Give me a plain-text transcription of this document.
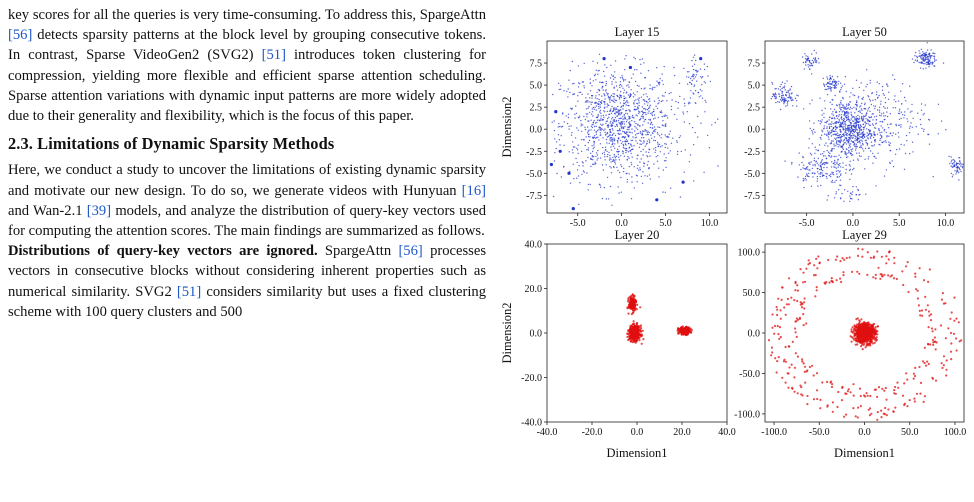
key scores for all the queries is very time-consuming. To address this, SpargeAttn [56] detects sparsity patterns at the block level by grouping consecutive tokens. In contrast, Sparse VideoGen2 (SVG2) [51] introduces token clustering for compression, yielding more flexible and efficient sparse attention scheduling. Sparse attention variations with dynamic input patterns are more widely adopted due to their generality and flexibility, which is the focus of this paper.

2.3. Limitations of Dynamic Sparsity Methods

Here, we conduct a study to uncover the limitations of existing dynamic sparsity and motivate our new design. To do so, we generate videos with Hunyuan [16] and Wan-2.1 [39] models, and analyze the distribution of query-key vectors used for computing the attention scores. The main findings are summarized as follows.

Distributions of query-key vectors are ignored. SpargeAttn [56] processes vectors in consecutive blocks without considering inherent properties such as numerical similarity. SVG2 [51] considers similarity but uses a fixed clustering scheme with 100 query clusters and 500

Layer 15
-5.0	0.0	5.0	10.0
7.5
5.0
2.5
0.0
-2.5
-5.0
-7.5
Dimension2
Layer 50
-5.0	0.0	5.0	10.0
7.5
5.0
2.5
0.0
-2.5
-5.0
-7.5
Layer 20
-40.0 -20.0	0.0	20.0	40.0
40.0
20.0
0.0
-20.0
-40.0
Dimension1
Dimension2
Layer 29
-100.0 -50.0	0.0	50.0	100.0
100.0
50.0
0.0
-50.0
-100.0
Dimension1
